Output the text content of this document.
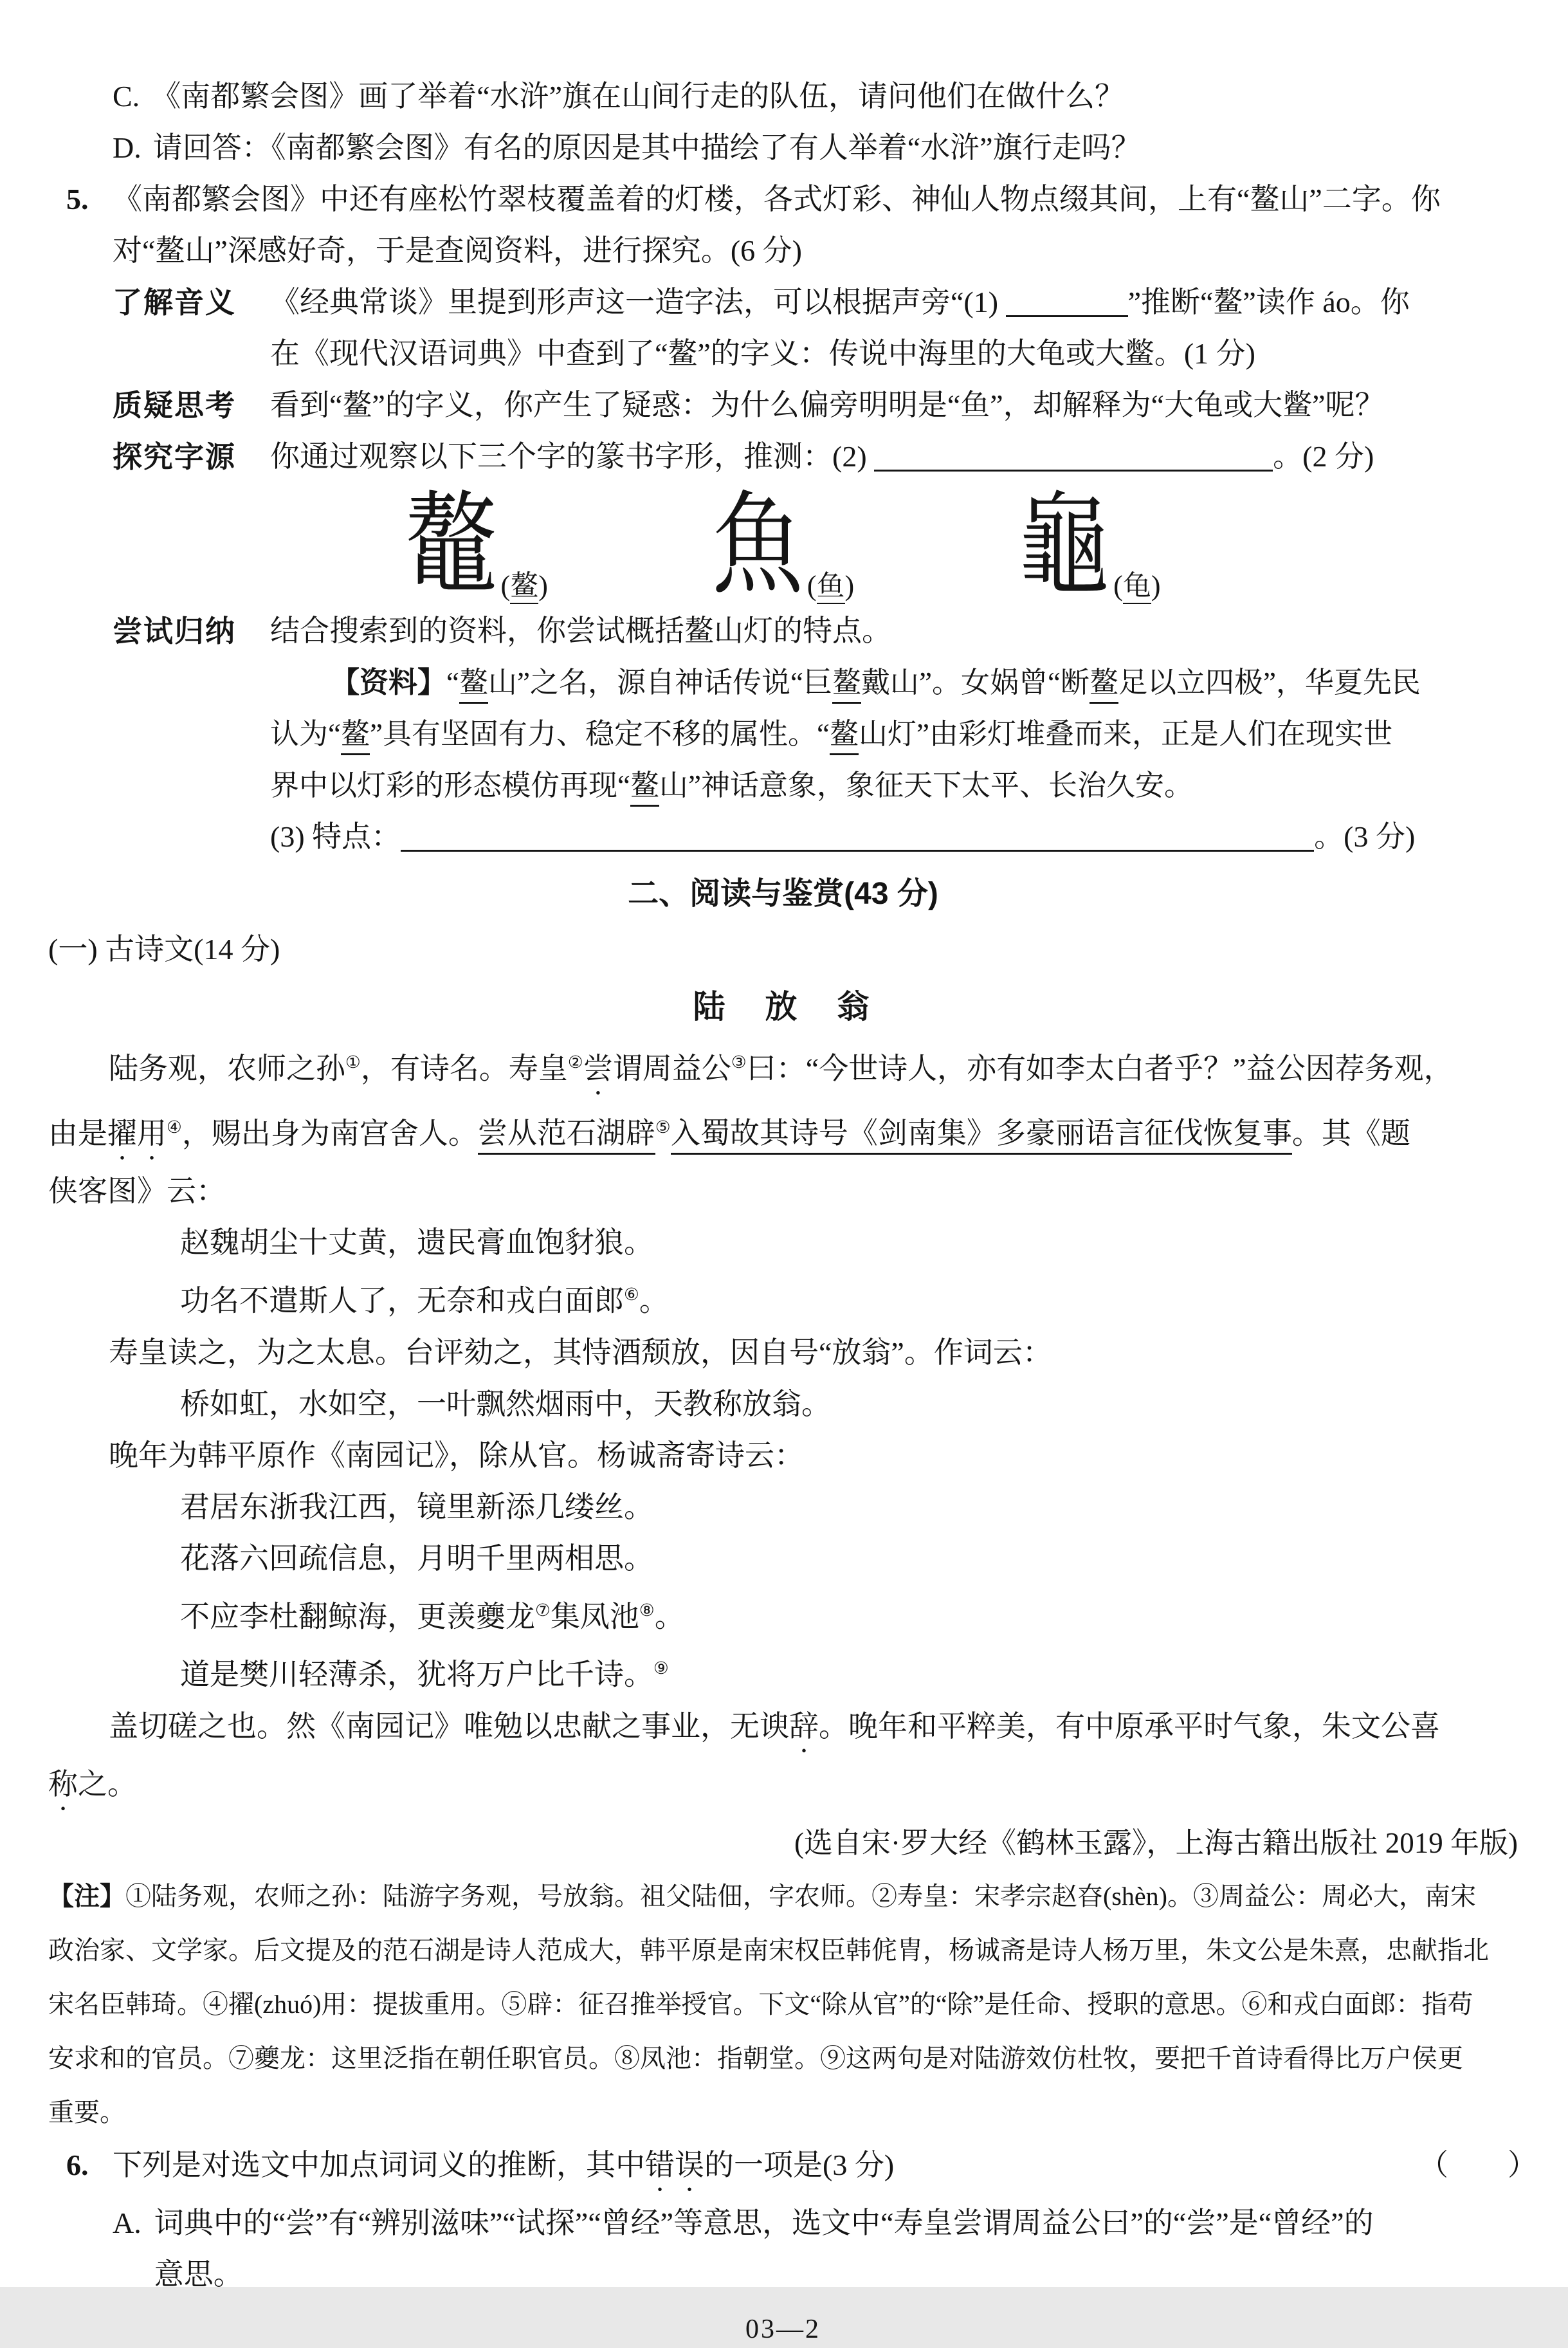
C. 《南都繁会图》画了举着“水浒”旗在山间行走的队伍，请问他们在做什么？
D. 请回答：《南都繁会图》有名的原因是其中描绘了有人举着“水浒”旗行走吗？
5. 《南都繁会图》中还有座松竹翠枝覆盖着的灯楼，各式灯彩、神仙人物点缀其间，上有“鳌山”二字。你
对“鳌山”深感好奇，于是查阅资料，进行探究。(6 分)
了解音义	《经典常谈》里提到形声这一造字法，可以根据声旁“(1)	”推断“鳌”读作 áo。你
在《现代汉语词典》中查到了“鳌”的字义：传说中海里的大龟或大鳖。(1 分)
质疑思考	看到“鳌”的字义，你产生了疑惑：为什么偏旁明明是“鱼”，却解释为“大龟或大鳖”呢？
探究字源	你通过观察以下三个字的篆书字形，推测：(2)	。(2 分)
鼇 (鳌) 魚 (鱼) 龜 (龟)
尝试归纳	结合搜索到的资料，你尝试概括鳌山灯的特点。
【资料】“鳌山”之名，源自神话传说“巨鳌戴山”。女娲曾“断鳌足以立四极”，华夏先民
认为“鳌”具有坚固有力、稳定不移的属性。“鳌山灯”由彩灯堆叠而来，正是人们在现实世
界中以灯彩的形态模仿再现“鳌山”神话意象，象征天下太平、长治久安。
(3) 特点：	。(3 分)
二、阅读与鉴赏(43 分)
(一) 古诗文(14 分)
陆　放　翁
陆务观，农师之孙①，有诗名。寿皇②尝谓周益公③曰：“今世诗人，亦有如李太白者乎？”益公因荐务观，
由是擢用④，赐出身为南宫舍人。尝从范石湖辟⑤入蜀故其诗号《剑南集》多豪丽语言征伐恢复事。其《题
侠客图》云：
赵魏胡尘十丈黄，遗民膏血饱豺狼。
功名不遣斯人了，无奈和戎白面郎⑥。
寿皇读之，为之太息。台评劾之，其恃酒颓放，因自号“放翁”。作词云：
桥如虹，水如空，一叶飘然烟雨中，天教称放翁。
晚年为韩平原作《南园记》，除从官。杨诚斋寄诗云：
君居东浙我江西，镜里新添几缕丝。
花落六回疏信息，月明千里两相思。
不应李杜翻鲸海，更羡夔龙⑦集凤池⑧。
道是樊川轻薄杀，犹将万户比千诗。⑨
盖切磋之也。然《南园记》唯勉以忠献之事业，无谀辞。晚年和平粹美，有中原承平时气象，朱文公喜
称之。
(选自宋·罗大经《鹤林玉露》，上海古籍出版社 2019 年版)
【注】①陆务观，农师之孙：陆游字务观，号放翁。祖父陆佃，字农师。②寿皇：宋孝宗赵昚(shèn)。③周益公：周必大，南宋
政治家、文学家。后文提及的范石湖是诗人范成大，韩平原是南宋权臣韩侂胄，杨诚斋是诗人杨万里，朱文公是朱熹，忠献指北
宋名臣韩琦。④擢(zhuó)用：提拔重用。⑤辟：征召推举授官。下文“除从官”的“除”是任命、授职的意思。⑥和戎白面郎：指苟
安求和的官员。⑦夔龙：这里泛指在朝任职官员。⑧凤池：指朝堂。⑨这两句是对陆游效仿杜牧，要把千首诗看得比万户侯更
重要。
6. 下列是对选文中加点词词义的推断，其中错误的一项是(3 分)	（　　）
A. 词典中的“尝”有“辨别滋味”“试探”“曾经”等意思，选文中“寿皇尝谓周益公曰”的“尝”是“曾经”的
意思。
03—2
